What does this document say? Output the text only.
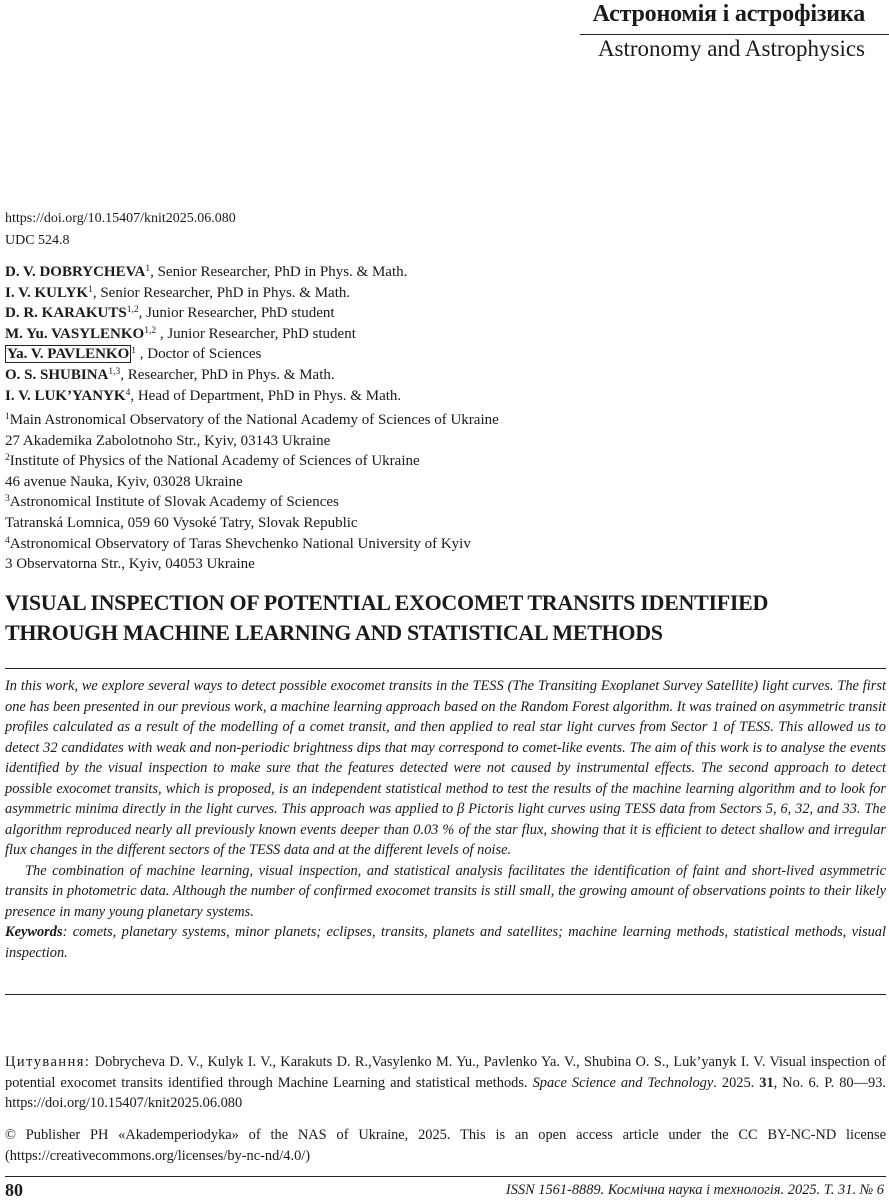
Астрономія і астрофізика
Astronomy and Astrophysics
https://doi.org/10.15407/knit2025.06.080
UDC 524.8
D. V. DOBRYCHEVA$^1$, Senior Researcher, PhD in Phys. & Math.
I. V. KULYK$^1$, Senior Researcher, PhD in Phys. & Math.
D. R. KARAKUTS$^{1,2}$, Junior Researcher, PhD student
M. Yu. VASYLENKO$^{1,2}$ , Junior Researcher, PhD student
Ya. V. PAVLENKO $^1$ , Doctor of Sciences
O. S. SHUBINA$^{1,3}$, Researcher, PhD in Phys. & Math.
I. V. LUK’YANYK$^4$, Head of Department, PhD in Phys. & Math.
$^1$Main Astronomical Observatory of the National Academy of Sciences of Ukraine
27 Akademika Zabolotnoho Str., Kyiv, 03143 Ukraine
$^2$Institute of Physics of the National Academy of Sciences of Ukraine
46 avenue Nauka, Kyiv, 03028 Ukraine
$^3$Astronomical Institute of Slovak Academy of Sciences
Tatranská Lomnica, 059 60 Vysoké Tatry, Slovak Republic
$^4$Astronomical Observatory of Taras Shevchenko National University of Kyiv
3 Observatorna Str., Kyiv, 04053 Ukraine
VISUAL INSPECTION OF POTENTIAL EXOCOMET TRANSITS IDENTIFIED
THROUGH MACHINE LEARNING AND STATISTICAL METHODS

In this work, we explore several ways to detect possible exocomet transits in the TESS (The Transiting Exoplanet Survey Satellite) light curves. The first one has been presented in our previous work, a machine learning approach based on the Random Forest algorithm. It was trained on asymmetric transit profiles calculated as a result of the modelling of a comet transit, and then applied to real star light curves from Sector 1 of TESS. This allowed us to detect 32 candidates with weak and non-periodic brightness dips that may correspond to comet-like events. The aim of this work is to analyse the events identified by the visual inspection to make sure that the features detected were not caused by instrumental effects. The second approach to detect possible exocomet transits, which is proposed, is an independent statistical method to test the results of the machine learning algorithm and to look for asymmetric minima directly in the light curves. This approach was applied to β Pictoris light curves using TESS data from Sectors 5, 6, 32, and 33. The algorithm reproduced nearly all previously known events deeper than 0.03 % of the star flux, showing that it is efficient to detect shallow and irregular flux changes in the different sectors of the TESS data and at the different levels of noise.

The combination of machine learning, visual inspection, and statistical analysis facilitates the identification of faint and short-lived asymmetric transits in photometric data. Although the number of confirmed exocomet transits is still small, the growing amount of observations points to their likely presence in many young planetary systems.

Keywords: comets, planetary systems, minor planets; eclipses, transits, planets and satellites; machine learning methods, statistical methods, visual inspection.

Цитування: Dobrycheva D. V., Kulyk I. V., Karakuts D. R.,Vasylenko M. Yu., Pavlenko Ya. V., Shubina O. S., Luk’yanyk I. V. Visual inspection of potential exocomet transits identified through Machine Learning and statistical methods. Space Science and Technology. 2025. 31, No. 6. P. 80—93. https://doi.org/10.15407/knit2025.06.080
© Publisher PH «Akademperiodyka» of the NAS of Ukraine, 2025. This is an open access article under the CC BY-NC-ND license (https://creativecommons.org/licenses/by-nc-nd/4.0/)
80	ISSN 1561-8889. Космічна наука і технологія. 2025. Т. 31. № 6
